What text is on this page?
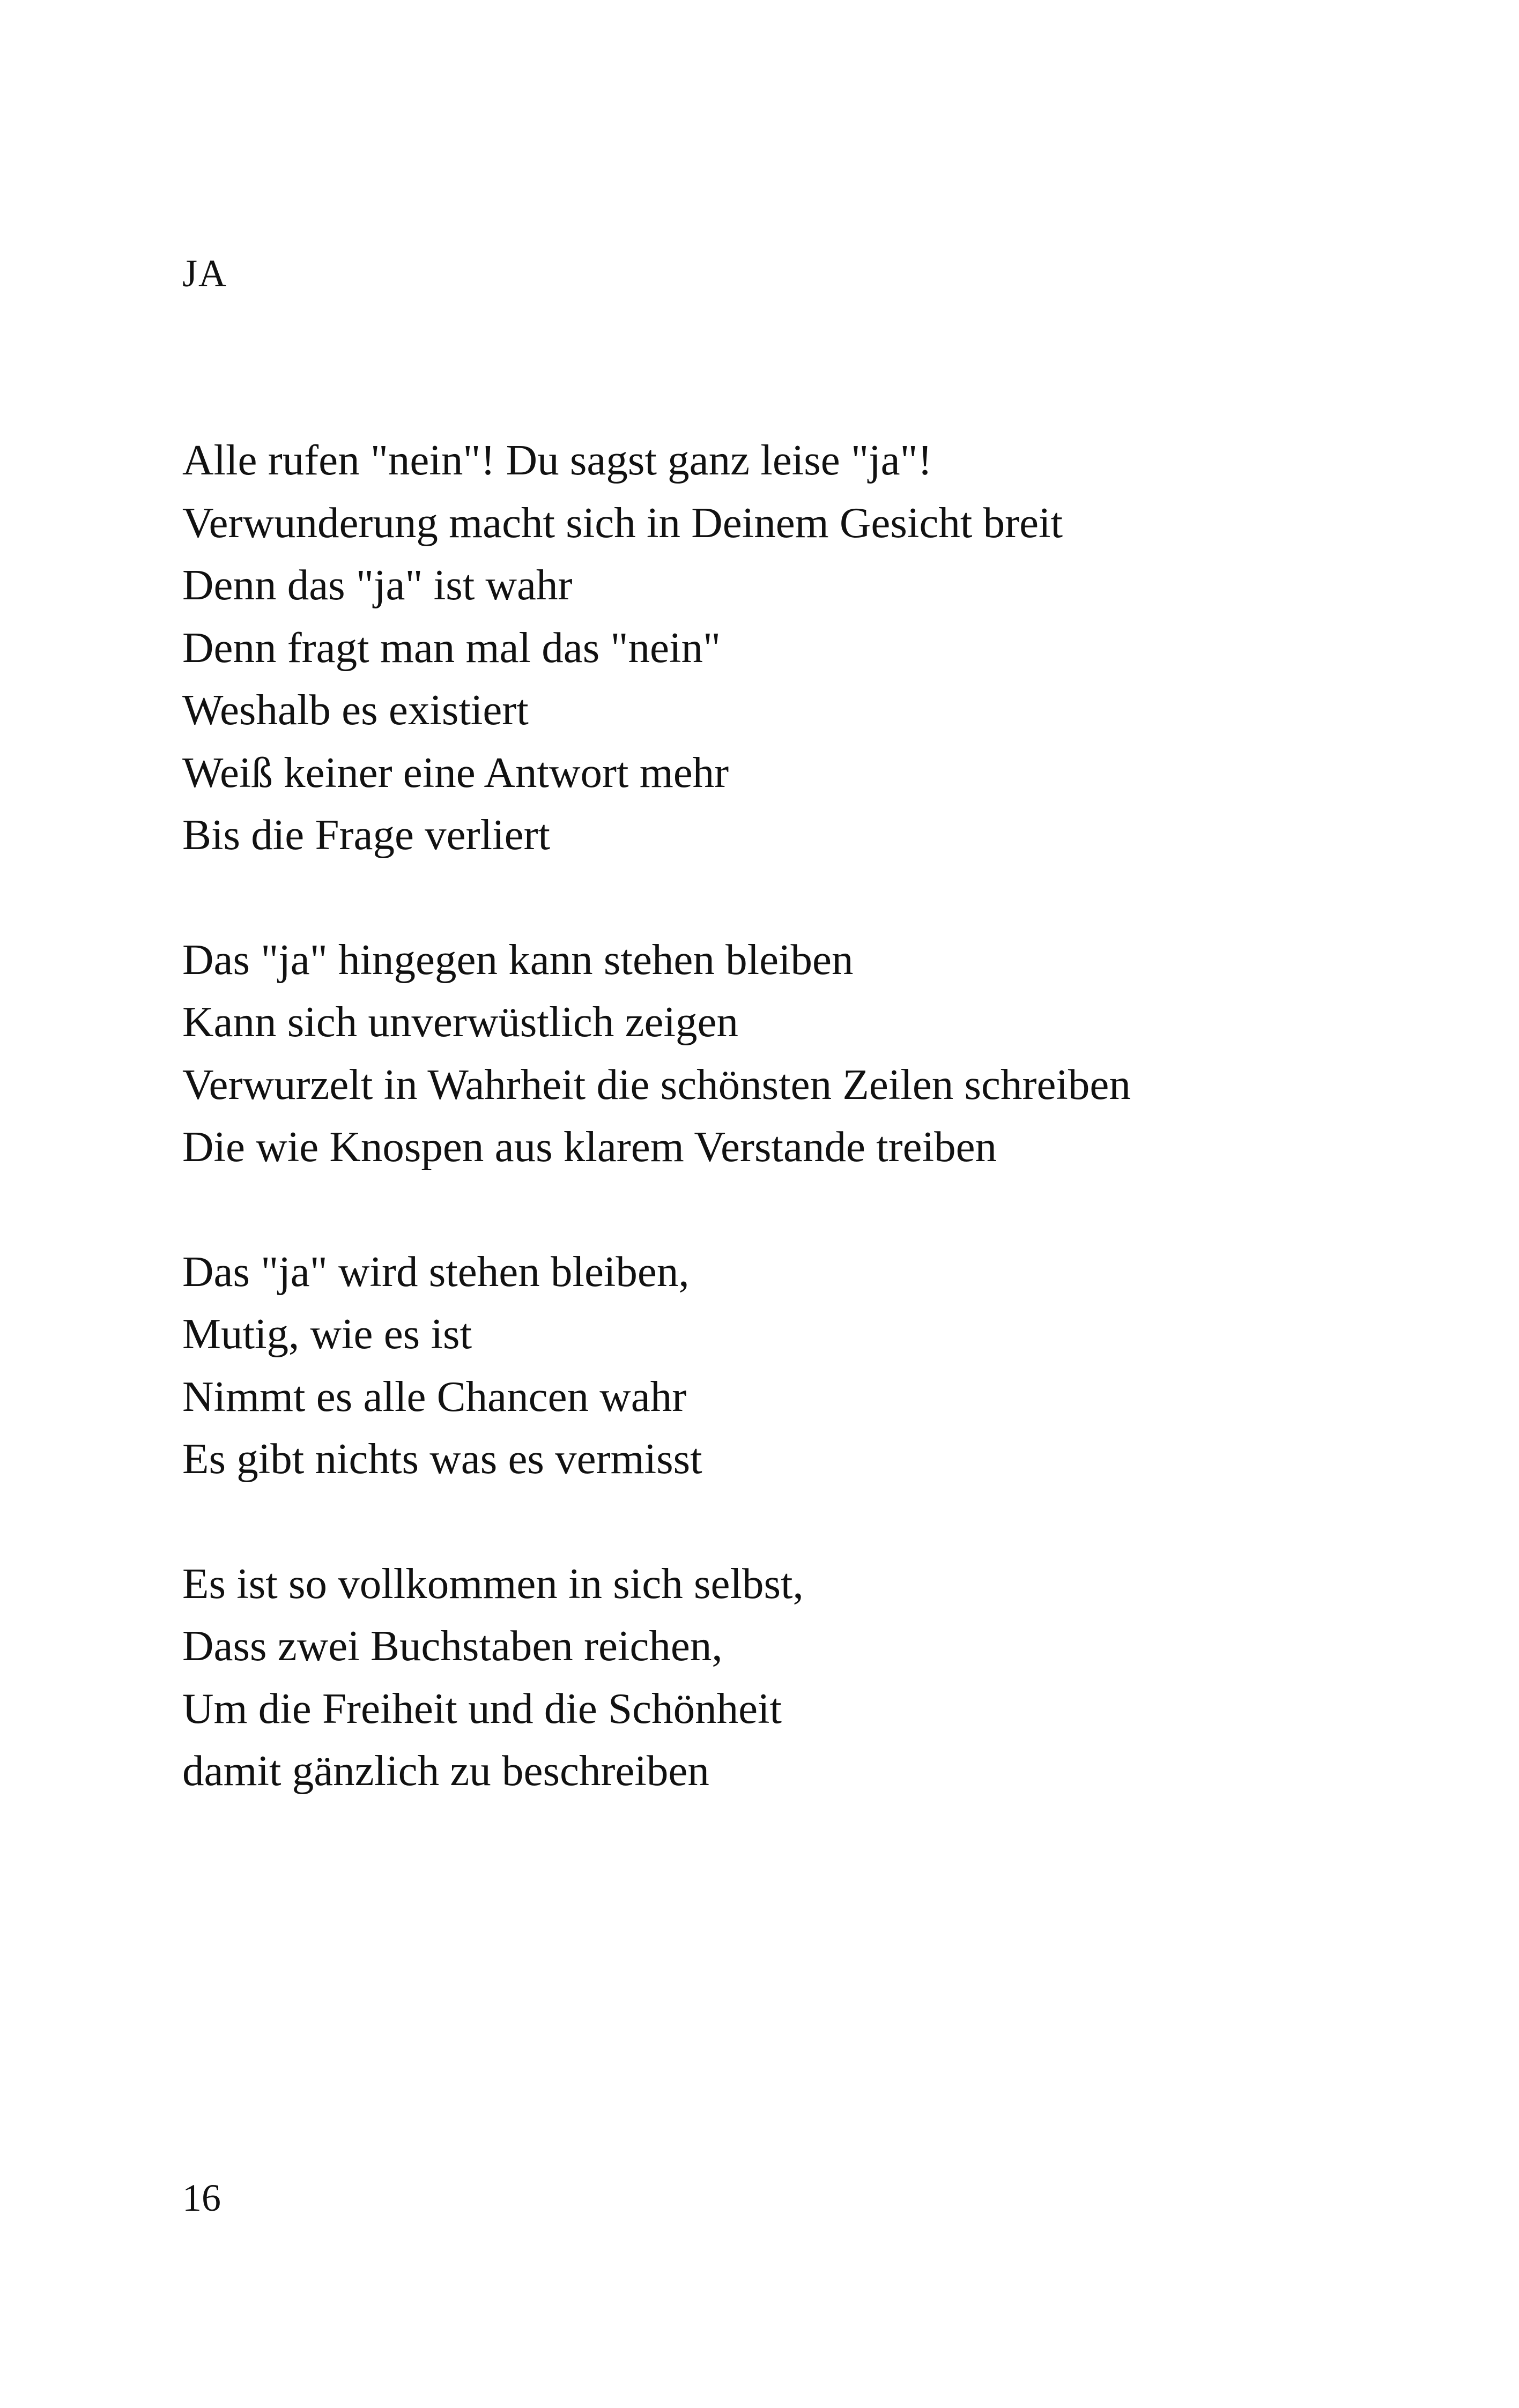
JA
Alle rufen "nein"! Du sagst ganz leise "ja"!
Verwunderung macht sich in Deinem Gesicht breit
Denn das "ja" ist wahr
Denn fragt man mal das "nein"
Weshalb es existiert
Weiß keiner eine Antwort mehr
Bis die Frage verliert
Das "ja" hingegen kann stehen bleiben
Kann sich unverwüstlich zeigen
Verwurzelt in Wahrheit die schönsten Zeilen schreiben
Die wie Knospen aus klarem Verstande treiben
Das "ja" wird stehen bleiben,
Mutig, wie es ist
Nimmt es alle Chancen wahr
Es gibt nichts was es vermisst
Es ist so vollkommen in sich selbst,
Dass zwei Buchstaben reichen,
Um die Freiheit und die Schönheit
damit gänzlich zu beschreiben
16
